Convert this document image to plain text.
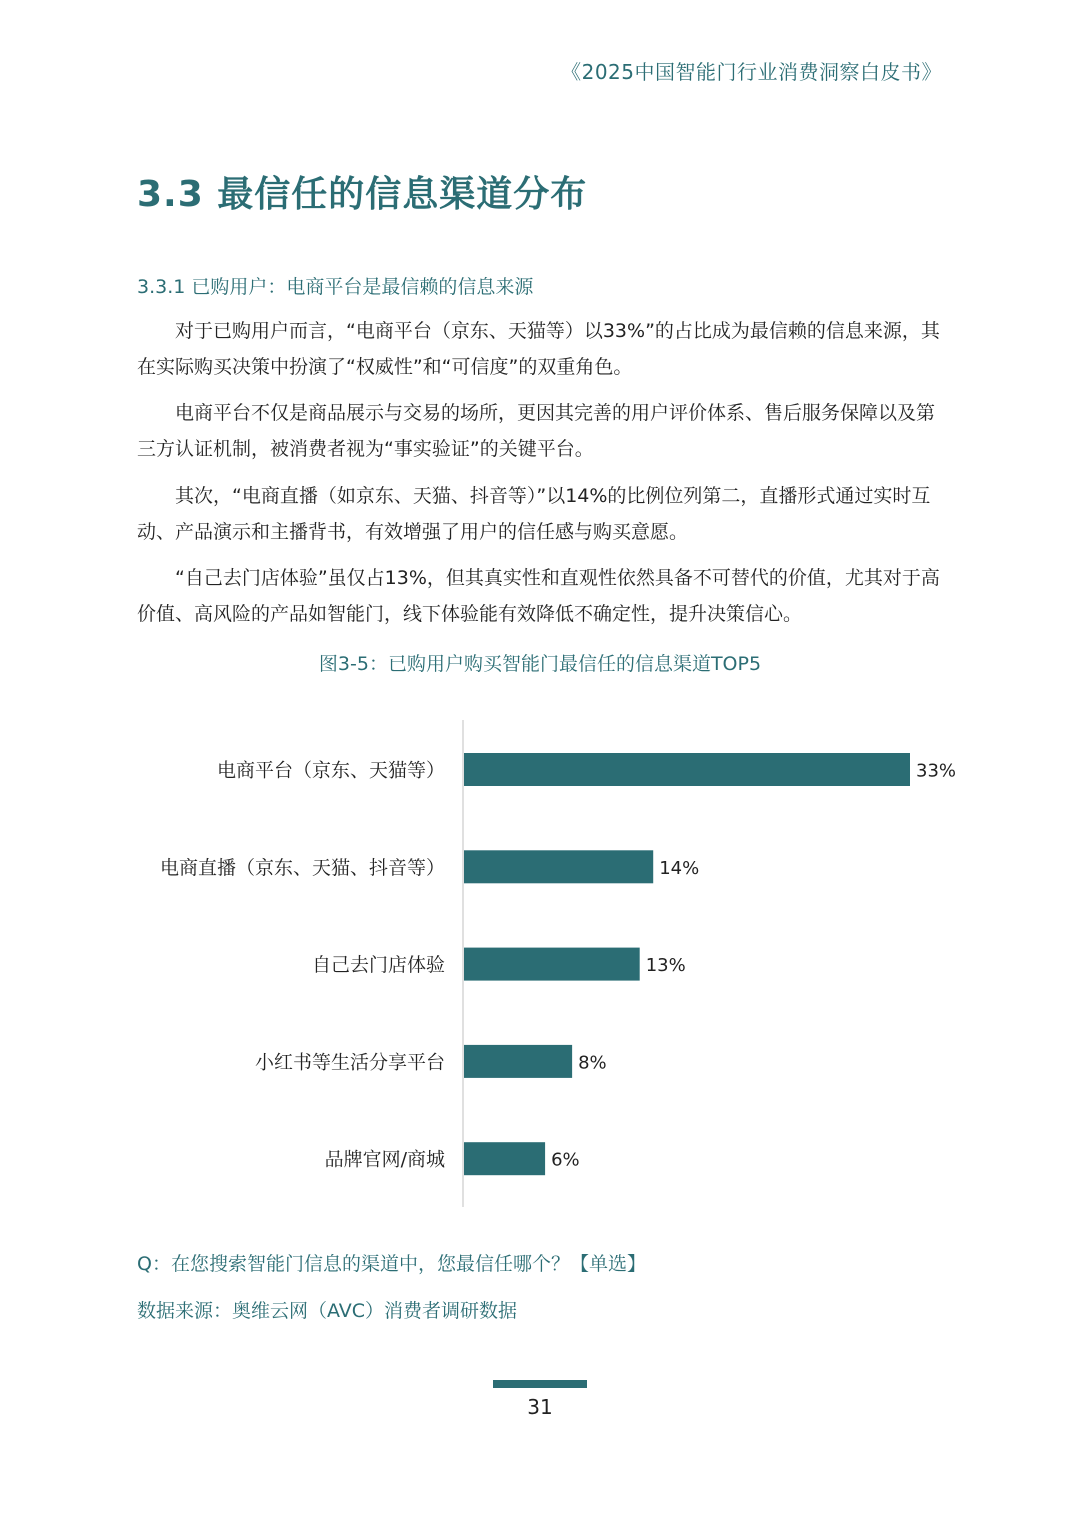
《2025中国智能门行业消费洞察白皮书》
3.3 最信任的信息渠道分布
3.3.1 已购用户：电商平台是最信赖的信息来源
对于已购用户而言，“电商平台（京东、天猫等）以33%”的占比成为最信赖的信息来源，其在实际购买决策中扮演了“权威性”和“可信度”的双重角色。
电商平台不仅是商品展示与交易的场所，更因其完善的用户评价体系、售后服务保障以及第三方认证机制，被消费者视为“事实验证”的关键平台。
其次，“电商直播（如京东、天猫、抖音等）”以14%的比例位列第二，直播形式通过实时互动、产品演示和主播背书，有效增强了用户的信任感与购买意愿。
“自己去门店体验”虽仅占13%，但其真实性和直观性依然具备不可替代的价值，尤其对于高价值、高风险的产品如智能门，线下体验能有效降低不确定性，提升决策信心。
图3-5：已购用户购买智能门最信任的信息渠道TOP5
电商平台（京东、天猫等）	33%
电商直播（京东、天猫、抖音等）	14%
自己去门店体验	13%
小红书等生活分享平台	8%
品牌官网/商城	6%
Q：在您搜索智能门信息的渠道中，您最信任哪个？【单选】
数据来源：奥维云网（AVC）消费者调研数据
31
